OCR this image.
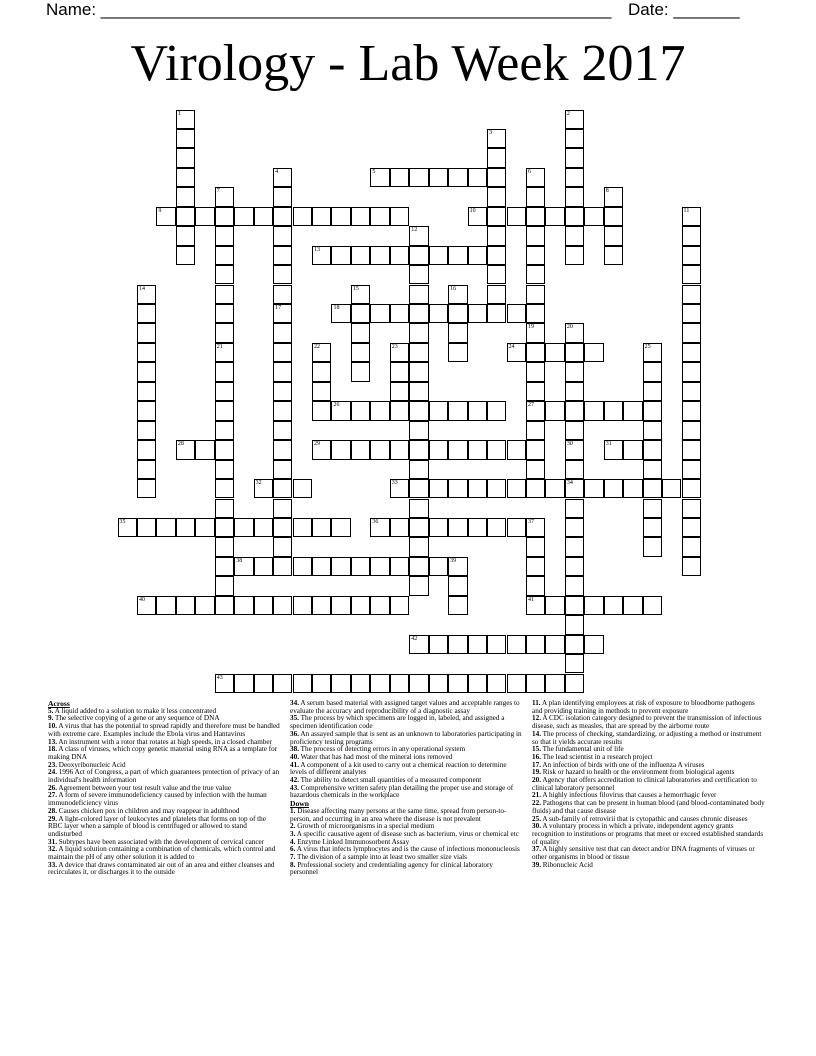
Name: ______________________________________________________ Date: _______
Virology - Lab Week 2017
1	2
3
4
17
5	6
19
7
21
8
9	10	11
12
13
14	15	16
18
27
20
30
34
22	23	24	25
26
28	29	31
32	33
35	36	37
38	39
40	41
42
43
Across
5. A liquid added to a solution to make it less concentrated
9. The selective copying of a gene or any sequence of DNA
10. A virus that has the potential to spread rapidly and therefore must be handled with extreme care. Examples include the Ebola virus and Hantavirus
13. An instrument with a rotor that rotates at high speeds, in a closed chamber
18. A class of viruses, which copy genetic material using RNA as a template for making DNA
23. Deoxyribonucleic Acid
24. 1996 Act of Congress, a part of which guarantees protection of privacy of an individual's health information
26. Agreement between your test result value and the true value
27. A form of severe immunodeficiency caused by infection with the human immunodeficiency virus
28. Causes chicken pox in children and may reappear in adulthood
29. A light-colored layer of leukocytes and platelets that forms on top of the RBC layer when a sample of blood is centrifuged or allowed to stand undisturbed
31. Subtypes have been associated with the development of cervical cancer
32. A liquid solution containing a combination of chemicals, which control and maintain the pH of any other solution it is added to
33. A device that draws contaminated air out of an area and either cleanses and recirculates it, or discharges it to the outside
34. A serum based material with assigned target values and acceptable ranges to evaluate the accuracy and reproducibility of a diagnostic assay
35. The process by which specimens are logged in, labeled, and assigned a specimen identification code
36. An assayed sample that is sent as an unknown to laboratories participating in proficiency testing programs
38. The process of detecting errors in any operational system
40. Water that has had most of the mineral ions removed
41. A component of a kit used to carry out a chemical reaction to determine levels of different analytes
42. The ability to detect small quantities of a measured component
43. Comprehensive written safety plan detailing the proper use and storage of hazardous chemicals in the workplace
Down
1. Disease affecting many persons at the same time, spread from person-to-person, and occurring in an area where the disease is not prevalent
2. Growth of microorganisms in a special medium
3. A specific causative agent of disease such as bacterium, virus or chemical etc
4. Enzyme Linked Immunosorbent Assay
6. A virus that infects lymphocytes and is the cause of infectious mononucleosis
7. The division of a sample into at least two smaller size vials
8. Professional society and credentialing agency for clinical laboratory personnel
11. A plan identifying employees at risk of exposure to bloodborne pathogens and providing training in methods to prevent exposure
12. A CDC isolation category designed to prevent the transmission of infectious disease, such as measles, that are spread by the airborne route
14. The process of checking, standardizing, or adjusting a method or instrument so that it yields accurate results
15. The fundamental unit of life
16. The lead scientist in a research project
17. An infection of birds with one of the influenza A viruses
19. Risk or hazard to health or the environment from biological agents
20. Agency that offers accreditation to clinical laboratories and certification to clinical laboratory personnel
21. A highly infectious filovirus that causes a hemorrhagic fever
22. Pathogens that can be present in human blood (and blood-contaminated body fluids) and that cause disease
25. A sub-family of retrovirii that is cytopathic and causes chronic diseases
30. A voluntary process in which a private, independent agency grants recognition to institutions or programs that meet or exceed established standards of quality
37. A highly sensitive test that can detect and/or DNA fragments of viruses or other organisms in blood or tissue
39. Ribonucleic Acid
